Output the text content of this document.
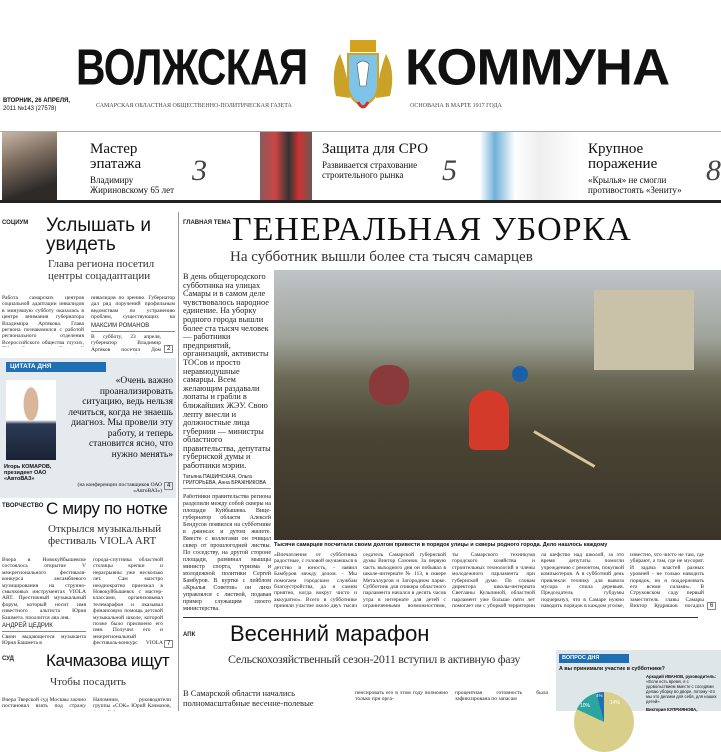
ВОЛЖСКАЯ КОММУНА
ВТОРНИК, 26 АПРЕЛЯ,
2011 №143 (27578)	САМАРСКАЯ ОБЛАСТНАЯ ОБЩЕСТВЕННО-ПОЛИТИЧЕСКАЯ ГАЗЕТА	ОСНОВАНА В МАРТЕ 1917 ГОДА
Мастер эпатажа
Владимиру Жириновскому 65 лет
3
Защита для СРО
Развивается страхование строительного рынка	5
Крупное поражение
«Крылья» не смогли противостоять «Зениту»
8
СОЦИУМ Услышать и увидеть
Глава региона посетил центры соцадаптации
Работа самарских центров социальной адаптации инвалидов в минувшую субботу оказалась в центре внимания губернатора Владимира Артякова. Глава региона познакомился с работой регионального отделения Всероссийского общества глухих,
инвалидов по зрению. Губернатор дал ряд поручений профильным ведомствам по устранению проблем, существующих на
МАКСИМ РОМАНОВ
В субботу, 23 апреля, губернатор Владимир Артяков посетил Дом	2
ЦИТАТА ДНЯ
«Очень важно проанализировать ситуацию, ведь нельзя лечиться, когда не знаешь диагноз. Мы провели эту работу, и теперь становится ясно, что нужно менять»
Игорь КОМАРОВ,
президент ОАО «АвтоВАЗ»
(на конференции поставщиков ОАО «АвтоВАЗ»)
4
ТВОРЧЕСТВО С миру по нотке
Открылся музыкальный фестиваль VIOLA ART
Вчера в Новокуйбышевске состоялось открытие V межрегионального фестиваля-конкурса ансамблевого музицирования на струнно-смычковых инструментах VIOLA ART. Престижный музыкальный форум, который носит имя известного альтиста Юрия Башмета, продлится два дня.
АНДРЕЙ ЦЕДРИК
Связи выдающегося музыканта Юрия Башмета в
города-спутника областной столицы крепки и нерасрывны уже несколько лет. Сам маэстро неоднократно приезжал в Новокуйбышевск с мастер-классами, организовывал телемарафон и оказывал финансовую помощь детской музыкальной школе, которой позже было присвоено его имя. Получил его и межрегиональный фестиваль-конкурс VIOLA 7
СУД Качмазова ищут
Чтобы посадить
Вчера Тверской суд Москвы заочно постановил взять под стражу
Напомним, руководители группы «СОК» Юрий Качмазов,
ГЛАВНАЯ ТЕМА ГЕНЕРАЛЬНАЯ УБОРКА
На субботник вышли более ста тысяч самарцев
В день общегородского субботника на улицах Самары и в самом деле чувствовалось народное единение. На уборку родного города вышли более ста тысяч человек — работники предприятий, организаций, активисты ТОСов и просто неравнодушные самарцы. Всем желающим раздавали лопаты и грабли в ближайших ЖЭУ. Свою лепту внесли и должностные лица губернии — министры областного правительства, депутаты губернской думы и работники мэрии.
Татьяна ПАШИНСКАЯ, Ольга ГРИГОРЬЕВА, Анна БРАЖНИКОВА
Работники правительства региона разделили между собой скверы на площади Куйбышева. Вице-губернатор области Алексей Бендусов появился на субботнике в джинсах и дутом жилете. Вместе с коллегами он очищал сквер от прошлогодней листвы. По соседству, на другой стороне площади, разминал мышцы министр спорта, туризма и молодежной политики Сергей Бамбуров. В куртке с лейблом «Крылья Советов» он лихо управлялся с листвой, подавая пример служащим своего министерства.
Тысячи самарцев посчитали своим долгом привести в порядок улицы и скверы родного города. Дело нашлось каждому
«Впечатления от субботника радостные, с головой окунаешься в детство и юность, - заявил Бамбуров между делом. - Мы помогаем городским службам благоустройства, да и самим приятно, когда вокруг чисто и аккуратно». Всего в субботнике приняли участие около двух тысяч
седатель Самарской губернской думы Виктор Сазонов. За первую часть выходного дня он побывал в школе-интернате № 113, в сквере Металлургов и Загородном парке. Субботник для спикера областного парламента начался в десять часов утра в интернате для детей с ограниченными возможностями,
ты Самарского техникума городского хозяйства и строительных технологий и члены молодежного парламента при губернской думе. По словам директора школы-интерната Светланы Кульпиной, областной парламент уже больше пяти лет помогает им с уборкой территории
ла шефство над школой, за это время депутаты помогли учреждению с ремонтом, покупкой компьютеров. А в субботний день привлекли технику для вывоза мусора и спила деревьев. Председатель губдумы подчеркнул, что в Самаре нужно наводить порядок в каждом уголке,
известно, что чисто не там, где убирают, а там, где не мусорят. И задача властей разных уровней - не только наводить порядок, но и поддерживать его всеми силами». В Струковском саду первый заместитель главы Самары Виктор Кудряшов посадил	6
АПК Весенний марафон
Сельскохозяйственный сезон-2011 вступил в активную фазу
В Самарской области начались полномасштабные весенне-полевые
пенсировать его в этом году возможно только при орга-
процентная готовность была зафиксирована по запасам
ВОПРОС ДНЯ
А вы принимали участие в субботнике?
14%
10%
4%
Аркадий ИВАНОВ, руководитель:
«Если есть время, я с удовольствием вместе с соседями делаю уборку во дворе, потому что мы это делаем для себя, для наших детей».
Виктория КУПРИЯНОВА,
